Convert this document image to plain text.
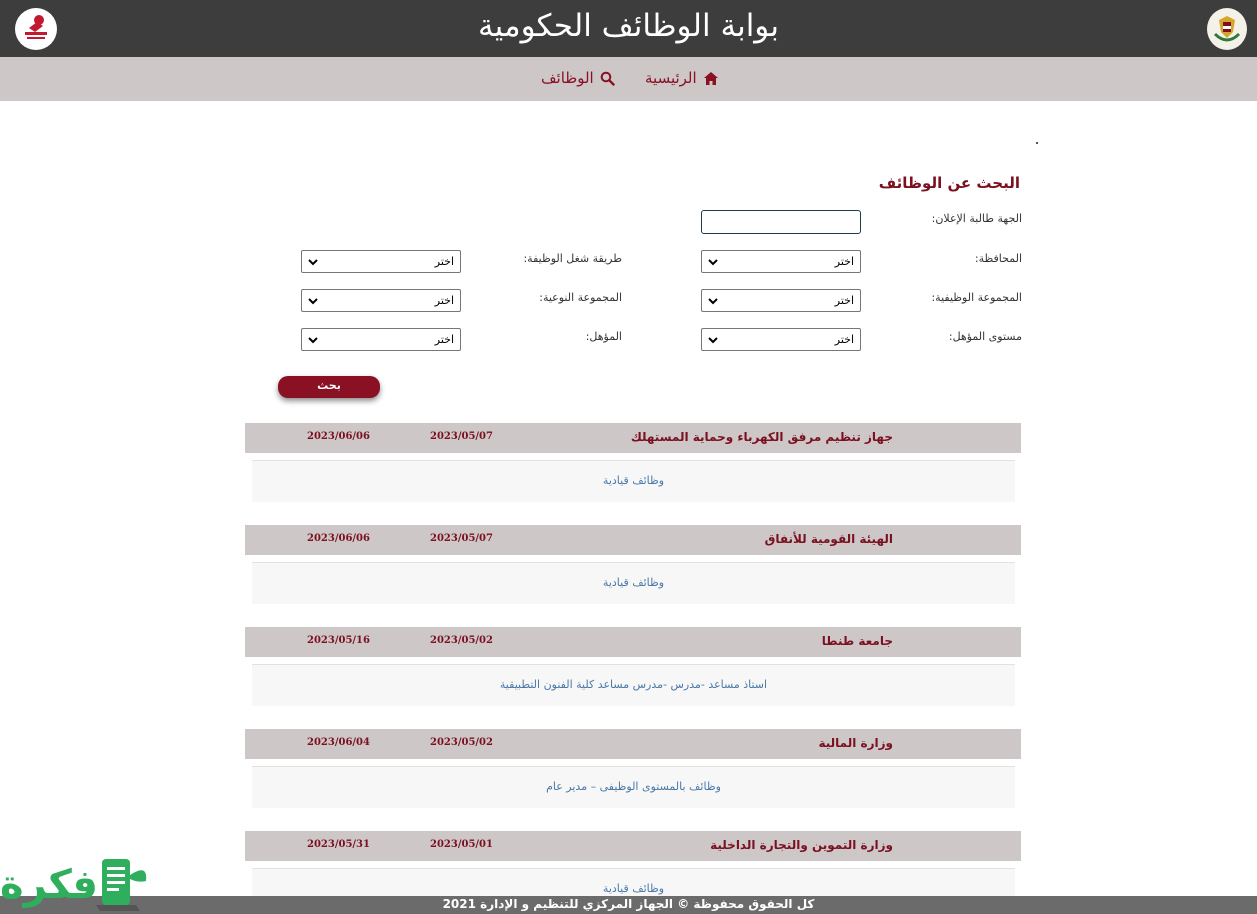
بوابة الوظائف الحكومية
الرئيسية
الوظائف
البحث عن الوظائف
الجهة طالبة الإعلان:
المحافظة:
اختر
طريقة شغل الوظيفة:
اختر
المجموعة الوظيفية:
اختر
المجموعة النوعية:
اختر
مستوى المؤهل:
اختر
المؤهل:
اختر
بحث
جهاز تنظيم مرفق الكهرباء وحماية المستهلك
2023/05/07
2023/06/06
وظائف قيادية
الهيئة القومية للأنفاق
2023/05/07
2023/06/06
وظائف قيادية
جامعة طنطا
2023/05/02
2023/05/16
استاذ مساعد -مدرس -مدرس مساعد كلية الفنون التطبيقية
وزارة المالية
2023/05/02
2023/06/04
وظائف بالمستوى الوظيفى – مدير عام
وزارة التموين والتجارة الداخلية
2023/05/01
2023/05/31
وظائف قيادية
كل الحقوق محفوظة © الجهاز المركزي للتنظيم و الإدارة 2021
فكرة
